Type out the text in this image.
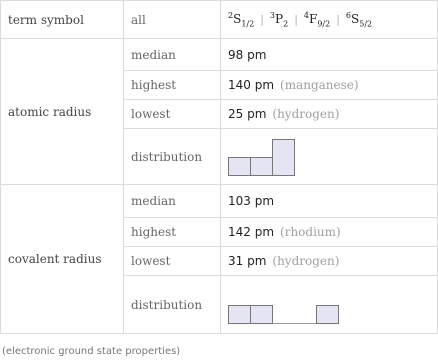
term symbol	all	$^2S_{1/2}$ | $^3P_2$ | $^4F_{9/2}$ | $^6S_{5/2}$
atomic radius	median	98 pm
	highest	140 pm (manganese)
	lowest	25 pm (hydrogen)
	distribution	

covalent radius	median	103 pm
	highest	142 pm (rhodium)
	lowest	31 pm (hydrogen)
	distribution	
(electronic ground state properties)
